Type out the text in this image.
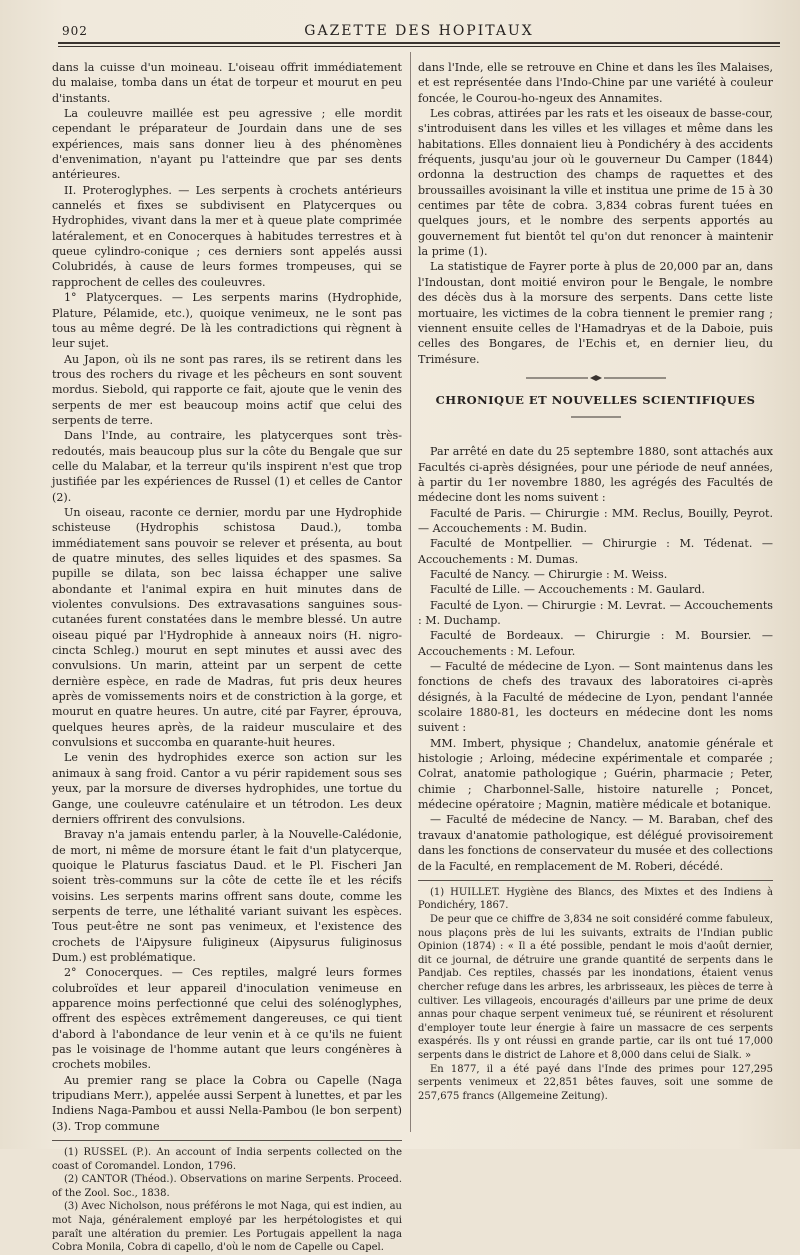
902	GAZETTE DES HOPITAUX

dans la cuisse d'un moineau. L'oiseau offrit immédiatement du malaise, tomba dans un état de torpeur et mourut en peu d'instants.

La couleuvre maillée est peu agressive ; elle mordit cependant le préparateur de Jourdain dans une de ses expériences, mais sans donner lieu à des phénomènes d'envenimation, n'ayant pu l'atteindre que par ses dents antérieures.

II. Proteroglyphes. — Les serpents à crochets antérieurs cannelés et fixes se subdivisent en Platycerques ou Hydrophides, vivant dans la mer et à queue plate comprimée latéralement, et en Conocerques à habitudes terrestres et à queue cylindro-conique ; ces derniers sont appelés aussi Colubridés, à cause de leurs formes trompeuses, qui se rapprochent de celles des couleuvres.

1° Platycerques. — Les serpents marins (Hydrophide, Plature, Pélamide, etc.), quoique venimeux, ne le sont pas tous au même degré. De là les contradictions qui règnent à leur sujet.

Au Japon, où ils ne sont pas rares, ils se retirent dans les trous des rochers du rivage et les pêcheurs en sont souvent mordus. Siebold, qui rapporte ce fait, ajoute que le venin des serpents de mer est beaucoup moins actif que celui des serpents de terre.

Dans l'Inde, au contraire, les platycerques sont très-redoutés, mais beaucoup plus sur la côte du Bengale que sur celle du Malabar, et la terreur qu'ils inspirent n'est que trop justifiée par les expériences de Russel (1) et celles de Cantor (2).

Un oiseau, raconte ce dernier, mordu par une Hydrophide schisteuse (Hydrophis schistosa Daud.), tomba immédiatement sans pouvoir se relever et présenta, au bout de quatre minutes, des selles liquides et des spasmes. Sa pupille se dilata, son bec laissa échapper une salive abondante et l'animal expira en huit minutes dans de violentes convulsions. Des extravasations sanguines sous-cutanées furent constatées dans le membre blessé. Un autre oiseau piqué par l'Hydrophide à anneaux noirs (H. nigro-cincta Schleg.) mourut en sept minutes et aussi avec des convulsions. Un marin, atteint par un serpent de cette dernière espèce, en rade de Madras, fut pris deux heures après de vomissements noirs et de constriction à la gorge, et mourut en quatre heures. Un autre, cité par Fayrer, éprouva, quelques heures après, de la raideur musculaire et des convulsions et succomba en quarante-huit heures.

Le venin des hydrophides exerce son action sur les animaux à sang froid. Cantor a vu périr rapidement sous ses yeux, par la morsure de diverses hydrophides, une tortue du Gange, une couleuvre caténulaire et un tétrodon. Les deux derniers offrirent des convulsions.

Bravay n'a jamais entendu parler, à la Nouvelle-Calédonie, de mort, ni même de morsure étant le fait d'un platycerque, quoique le Platurus fasciatus Daud. et le Pl. Fischeri Jan soient très-communs sur la côte de cette île et les récifs voisins. Les serpents marins offrent sans doute, comme les serpents de terre, une léthalité variant suivant les espèces. Tous peut-être ne sont pas venimeux, et l'existence des crochets de l'Aipysure fuligineux (Aipysurus fuliginosus Dum.) est problématique.

2° Conocerques. — Ces reptiles, malgré leurs formes colubroïdes et leur appareil d'inoculation venimeuse en apparence moins perfectionné que celui des solénoglyphes, offrent des espèces extrêmement dangereuses, ce qui tient d'abord à l'abondance de leur venin et à ce qu'ils ne fuient pas le voisinage de l'homme autant que leurs congénères à crochets mobiles.

Au premier rang se place la Cobra ou Capelle (Naga tripudians Merr.), appelée aussi Serpent à lunettes, et par les Indiens Naga-Pambou et aussi Nella-Pambou (le bon serpent) (3). Trop commune

(1) RUSSEL (P.). An account of India serpents collected on the coast of Coromandel. London, 1796.

(2) CANTOR (Théod.). Observations on marine Serpents. Proceed. of the Zool. Soc., 1838.

(3) Avec Nicholson, nous préférons le mot Naga, qui est indien, au mot Naja, généralement employé par les herpétologistes et qui paraît une altération du premier. Les Portugais appellent la naga Cobra Monila, Cobra di capello, d'où le nom de Capelle ou Capel.

dans l'Inde, elle se retrouve en Chine et dans les îles Malaises, et est représentée dans l'Indo-Chine par une variété à couleur foncée, le Courou-ho-ngeux des Annamites.

Les cobras, attirées par les rats et les oiseaux de basse-cour, s'introduisent dans les villes et les villages et même dans les habitations. Elles donnaient lieu à Pondichéry à des accidents fréquents, jusqu'au jour où le gouverneur Du Camper (1844) ordonna la destruction des champs de raquettes et des broussailles avoisinant la ville et institua une prime de 15 à 30 centimes par tête de cobra. 3,834 cobras furent tuées en quelques jours, et le nombre des serpents apportés au gouvernement fut bientôt tel qu'on dut renoncer à maintenir la prime (1).

La statistique de Fayrer porte à plus de 20,000 par an, dans l'Indoustan, dont moitié environ pour le Bengale, le nombre des décès dus à la morsure des serpents. Dans cette liste mortuaire, les victimes de la cobra tiennent le premier rang ; viennent ensuite celles de l'Hamadryas et de la Daboie, puis celles des Bongares, de l'Echis et, en dernier lieu, du Trimésure.

CHRONIQUE ET NOUVELLES SCIENTIFIQUES

Par arrêté en date du 25 septembre 1880, sont attachés aux Facultés ci-après désignées, pour une période de neuf années, à partir du 1er novembre 1880, les agrégés des Facultés de médecine dont les noms suivent :

Faculté de Paris. — Chirurgie : MM. Reclus, Bouilly, Peyrot. — Accouchements : M. Budin.

Faculté de Montpellier. — Chirurgie : M. Tédenat. — Accouchements : M. Dumas.

Faculté de Nancy. — Chirurgie : M. Weiss.

Faculté de Lille. — Accouchements : M. Gaulard.

Faculté de Lyon. — Chirurgie : M. Levrat. — Accouchements : M. Duchamp.

Faculté de Bordeaux. — Chirurgie : M. Boursier. — Accouchements : M. Lefour.

— Faculté de médecine de Lyon. — Sont maintenus dans les fonctions de chefs des travaux des laboratoires ci-après désignés, à la Faculté de médecine de Lyon, pendant l'année scolaire 1880-81, les docteurs en médecine dont les noms suivent :

MM. Imbert, physique ; Chandelux, anatomie générale et histologie ; Arloing, médecine expérimentale et comparée ; Colrat, anatomie pathologique ; Guérin, pharmacie ; Peter, chimie ; Charbonnel-Salle, histoire naturelle ; Poncet, médecine opératoire ; Magnin, matière médicale et botanique.

— Faculté de médecine de Nancy. — M. Baraban, chef des travaux d'anatomie pathologique, est délégué provisoirement dans les fonctions de conservateur du musée et des collections de la Faculté, en remplacement de M. Roberi, décédé.

(1) HUILLET. Hygiène des Blancs, des Mixtes et des Indiens à Pondichéry, 1867.

De peur que ce chiffre de 3,834 ne soit considéré comme fabuleux, nous plaçons près de lui les suivants, extraits de l'Indian public Opinion (1874) : « Il a été possible, pendant le mois d'août dernier, dit ce journal, de détruire une grande quantité de serpents dans le Pandjab. Ces reptiles, chassés par les inondations, étaient venus chercher refuge dans les arbres, les arbrisseaux, les pièces de terre à cultiver. Les villageois, encouragés d'ailleurs par une prime de deux annas pour chaque serpent venimeux tué, se réunirent et résolurent d'employer toute leur énergie à faire un massacre de ces serpents exaspérés. Ils y ont réussi en grande partie, car ils ont tué 17,000 serpents dans le district de Lahore et 8,000 dans celui de Sialk. »

En 1877, il a été payé dans l'Inde des primes pour 127,295 serpents venimeux et 22,851 bêtes fauves, soit une somme de 257,675 francs (Allgemeine Zeitung).
